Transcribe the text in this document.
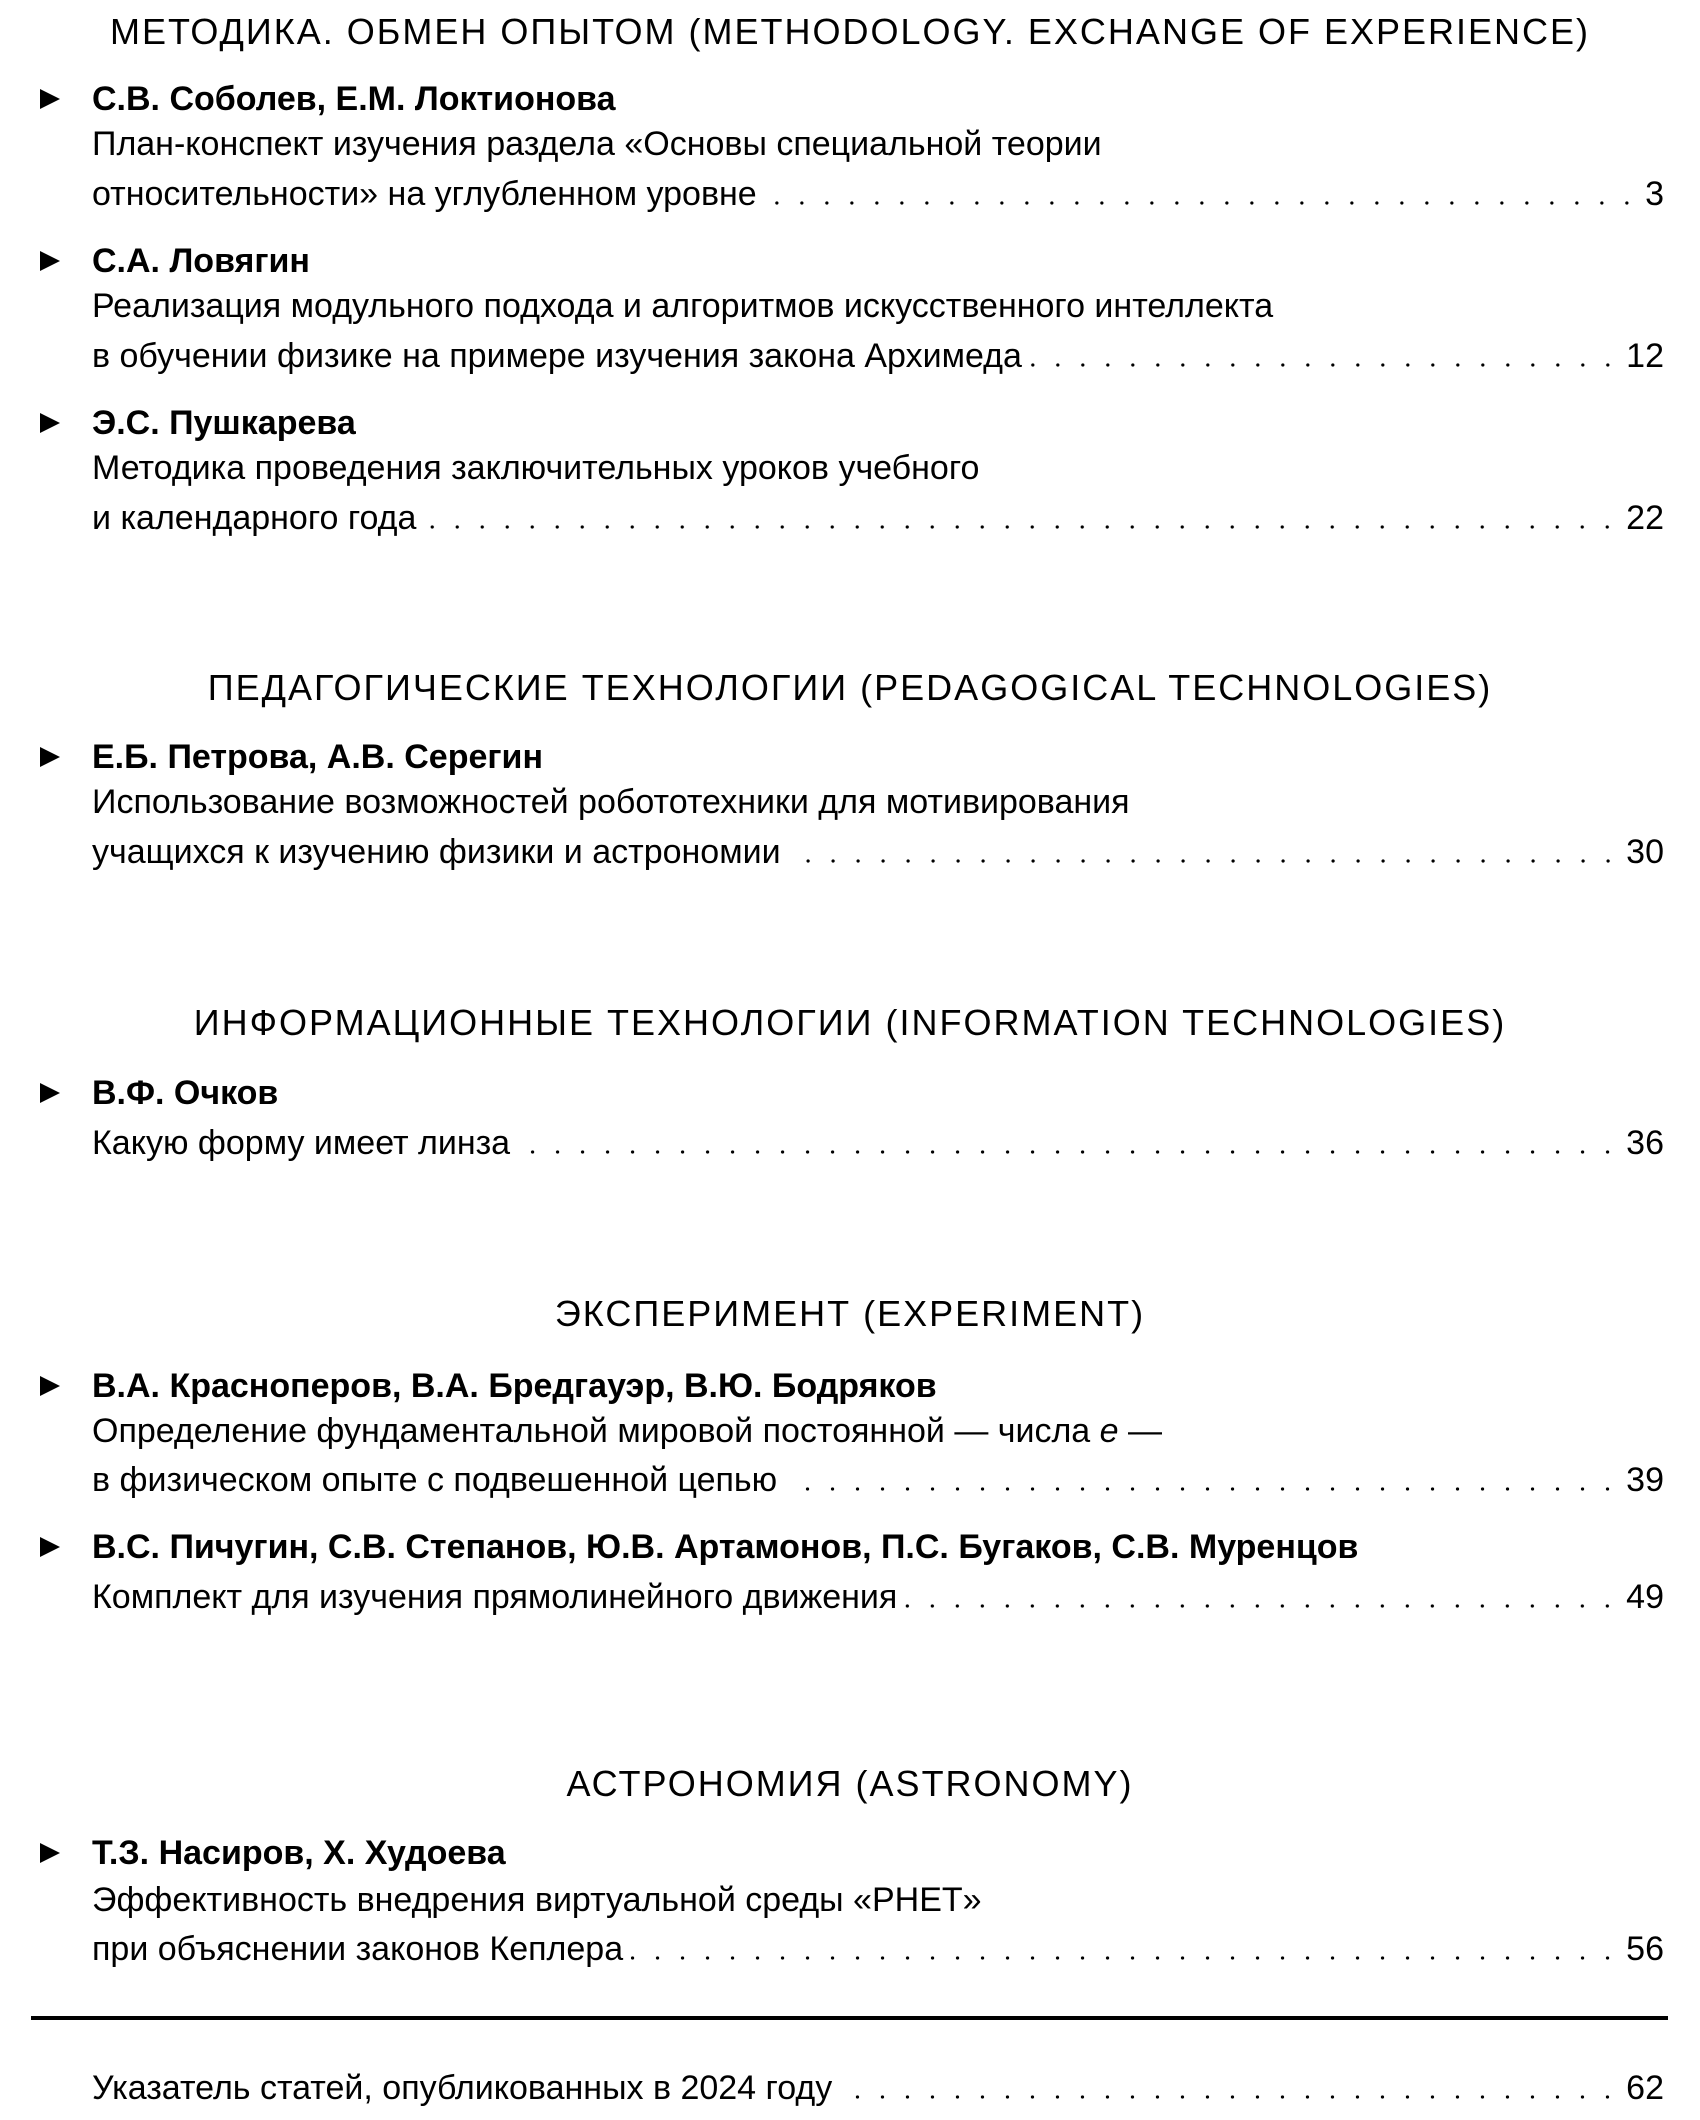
МЕТОДИКА. ОБМЕН ОПЫТОМ (METHODOLOGY. EXCHANGE OF EXPERIENCE)
С.В. Соболев, Е.М. Локтионова
План-конспект изучения раздела «Основы специальной теории
относительности» на углубленном уровне	3
С.А. Ловягин
Реализация модульного подхода и алгоритмов искусственного интеллекта
в обучении физике на примере изучения закона Архимеда	12
Э.С. Пушкарева
Методика проведения заключительных уроков учебного
и календарного года	22
ПЕДАГОГИЧЕСКИЕ ТЕХНОЛОГИИ (PEDAGOGICAL TECHNOLOGIES)
Е.Б. Петрова, А.В. Серегин
Использование возможностей робототехники для мотивирования
учащихся к изучению физики и астрономии	30
ИНФОРМАЦИОННЫЕ ТЕХНОЛОГИИ (INFORMATION TECHNOLOGIES)
В.Ф. Очков
Какую форму имеет линза	36
ЭКСПЕРИМЕНТ (EXPERIMENT)
В.А. Красноперов, В.А. Бредгауэр, В.Ю. Бодряков
Определение фундаментальной мировой постоянной — числа e —
в физическом опыте с подвешенной цепью	39
В.С. Пичугин, С.В. Степанов, Ю.В. Артамонов, П.С. Бугаков, С.В. Муренцов
Комплект для изучения прямолинейного движения	49
АСТРОНОМИЯ (ASTRONOMY)
Т.З. Насиров, Х. Худоева
Эффективность внедрения виртуальной среды «PHET»
при объяснении законов Кеплера	56
Указатель статей, опубликованных в 2024 году	62
